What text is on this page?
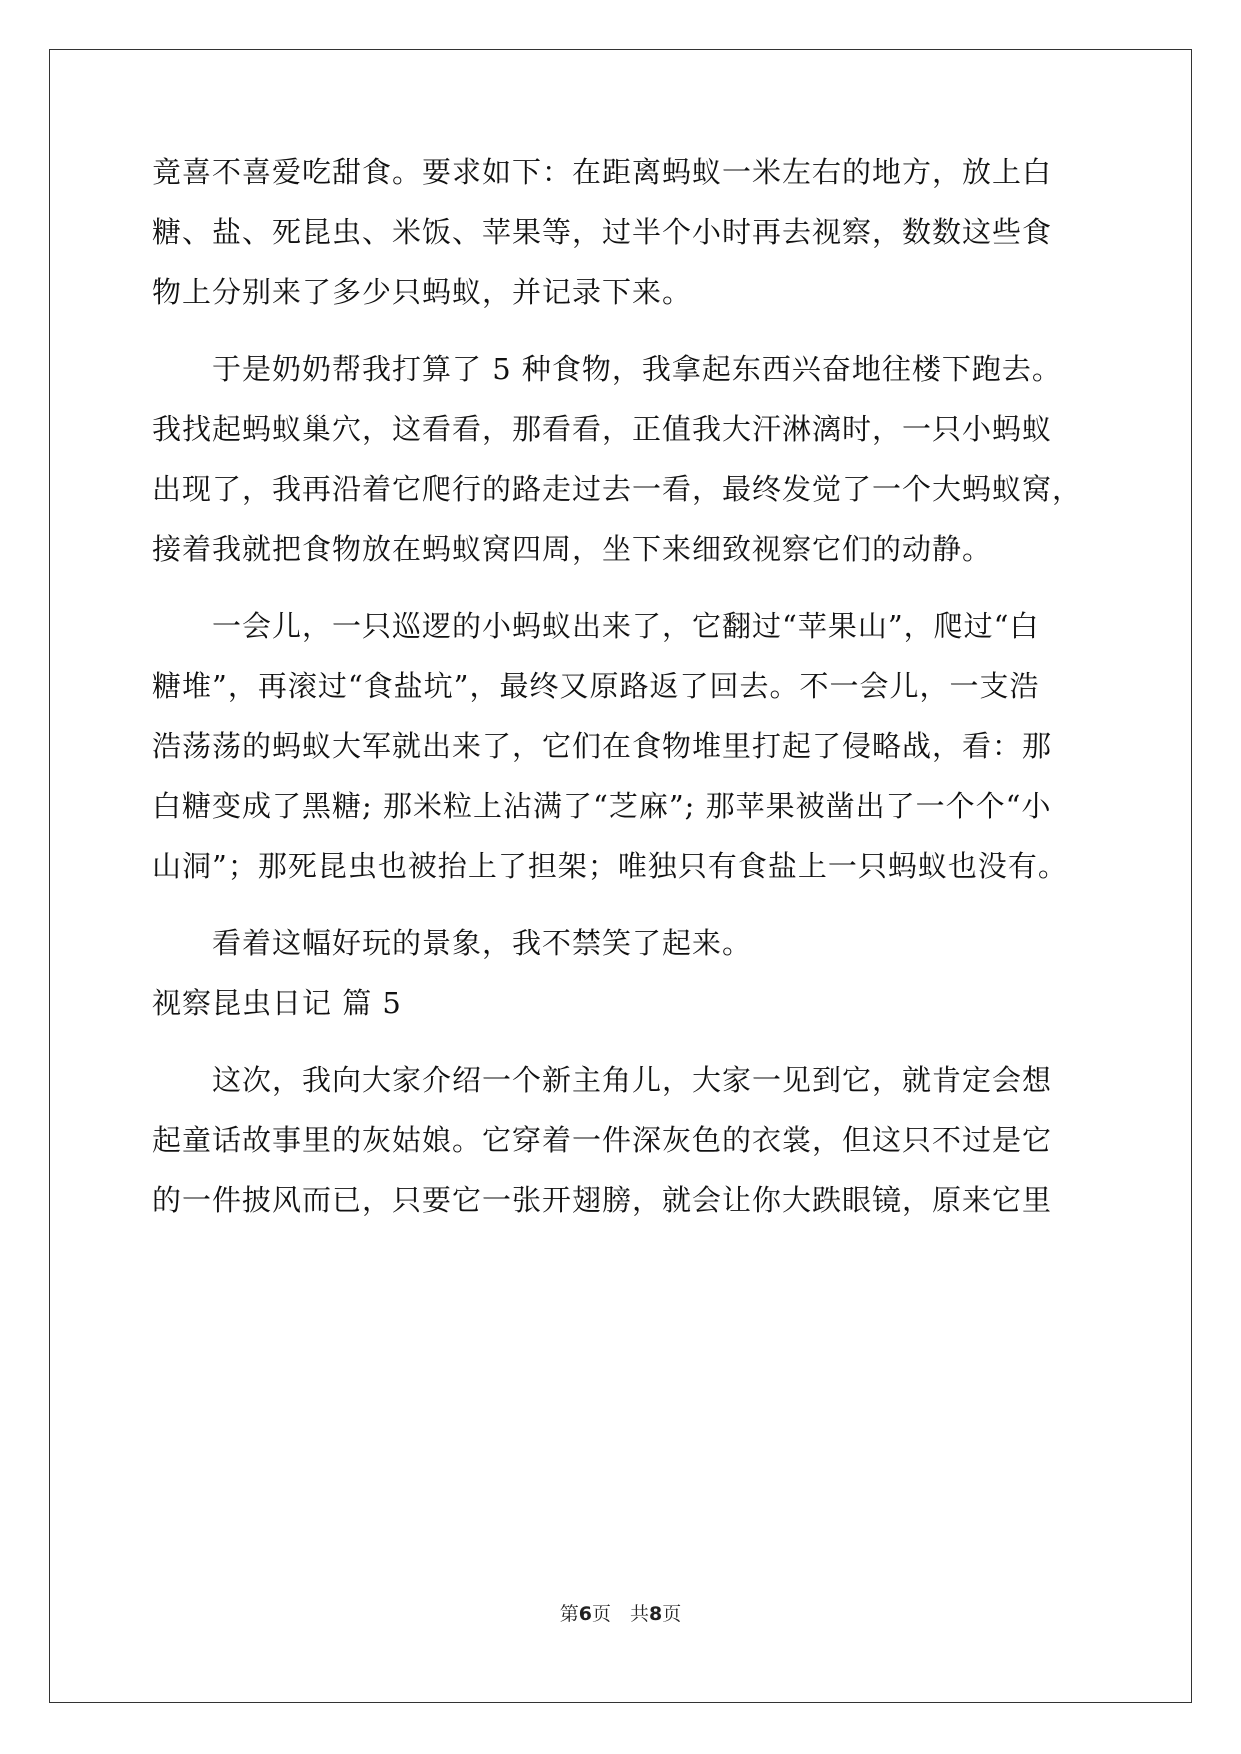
竟喜不喜爱吃甜食。要求如下：在距离蚂蚁一米左右的地方，放上白
糖、盐、死昆虫、米饭、苹果等，过半个小时再去视察，数数这些食
物上分别来了多少只蚂蚁，并记录下来。
　　于是奶奶帮我打算了 5 种食物，我拿起东西兴奋地往楼下跑去。
我找起蚂蚁巢穴，这看看，那看看，正值我大汗淋漓时，一只小蚂蚁
出现了，我再沿着它爬行的路走过去一看，最终发觉了一个大蚂蚁窝，
接着我就把食物放在蚂蚁窝四周，坐下来细致视察它们的动静。
　　一会儿，一只巡逻的小蚂蚁出来了，它翻过“苹果山”，爬过“白
糖堆”，再滚过“食盐坑”，最终又原路返了回去。不一会儿，一支浩
浩荡荡的蚂蚁大军就出来了，它们在食物堆里打起了侵略战，看：那
白糖变成了黑糖; 那米粒上沾满了“芝麻”; 那苹果被凿出了一个个“小
山洞”；那死昆虫也被抬上了担架；唯独只有食盐上一只蚂蚁也没有。
　　看着这幅好玩的景象，我不禁笑了起来。
视察昆虫日记 篇 5
　　这次，我向大家介绍一个新主角儿，大家一见到它，就肯定会想
起童话故事里的灰姑娘。它穿着一件深灰色的衣裳，但这只不过是它
的一件披风而已，只要它一张开翅膀，就会让你大跌眼镜，原来它里
第6页　共8页
